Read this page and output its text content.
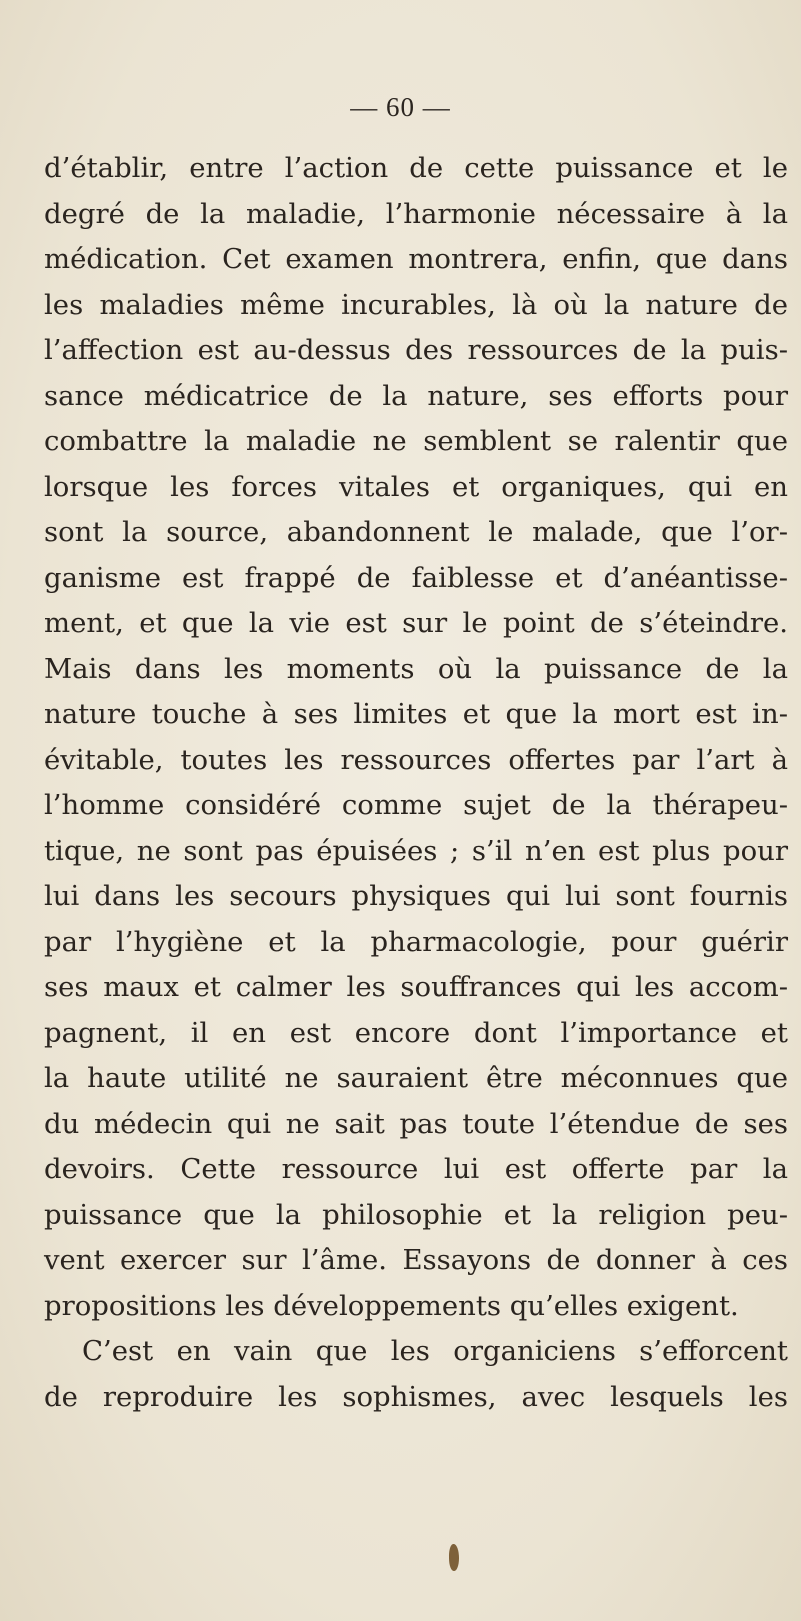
— 60 —
d’établir, entre l’action de cette puissance et le
degré de la maladie, l’harmonie nécessaire à la
médication. Cet examen montrera, enfin, que dans
les maladies même incurables, là où la nature de
l’affection est au-dessus des ressources de la puis-
sance médicatrice de la nature, ses efforts pour
combattre la maladie ne semblent se ralentir que
lorsque les forces vitales et organiques, qui en
sont la source, abandonnent le malade, que l’or-
ganisme est frappé de faiblesse et d’anéantisse-
ment, et que la vie est sur le point de s’éteindre.
Mais dans les moments où la puissance de la
nature touche à ses limites et que la mort est in-
évitable, toutes les ressources offertes par l’art à
l’homme considéré comme sujet de la thérapeu-
tique, ne sont pas épuisées ; s’il n’en est plus pour
lui dans les secours physiques qui lui sont fournis
par l’hygiène et la pharmacologie, pour guérir
ses maux et calmer les souffrances qui les accom-
pagnent, il en est encore dont l’importance et
la haute utilité ne sauraient être méconnues que
du médecin qui ne sait pas toute l’étendue de ses
devoirs. Cette ressource lui est offerte par la
puissance que la philosophie et la religion peu-
vent exercer sur l’âme. Essayons de donner à ces
propositions les développements qu’elles exigent.
C’est en vain que les organiciens s’efforcent
de reproduire les sophismes, avec lesquels les
